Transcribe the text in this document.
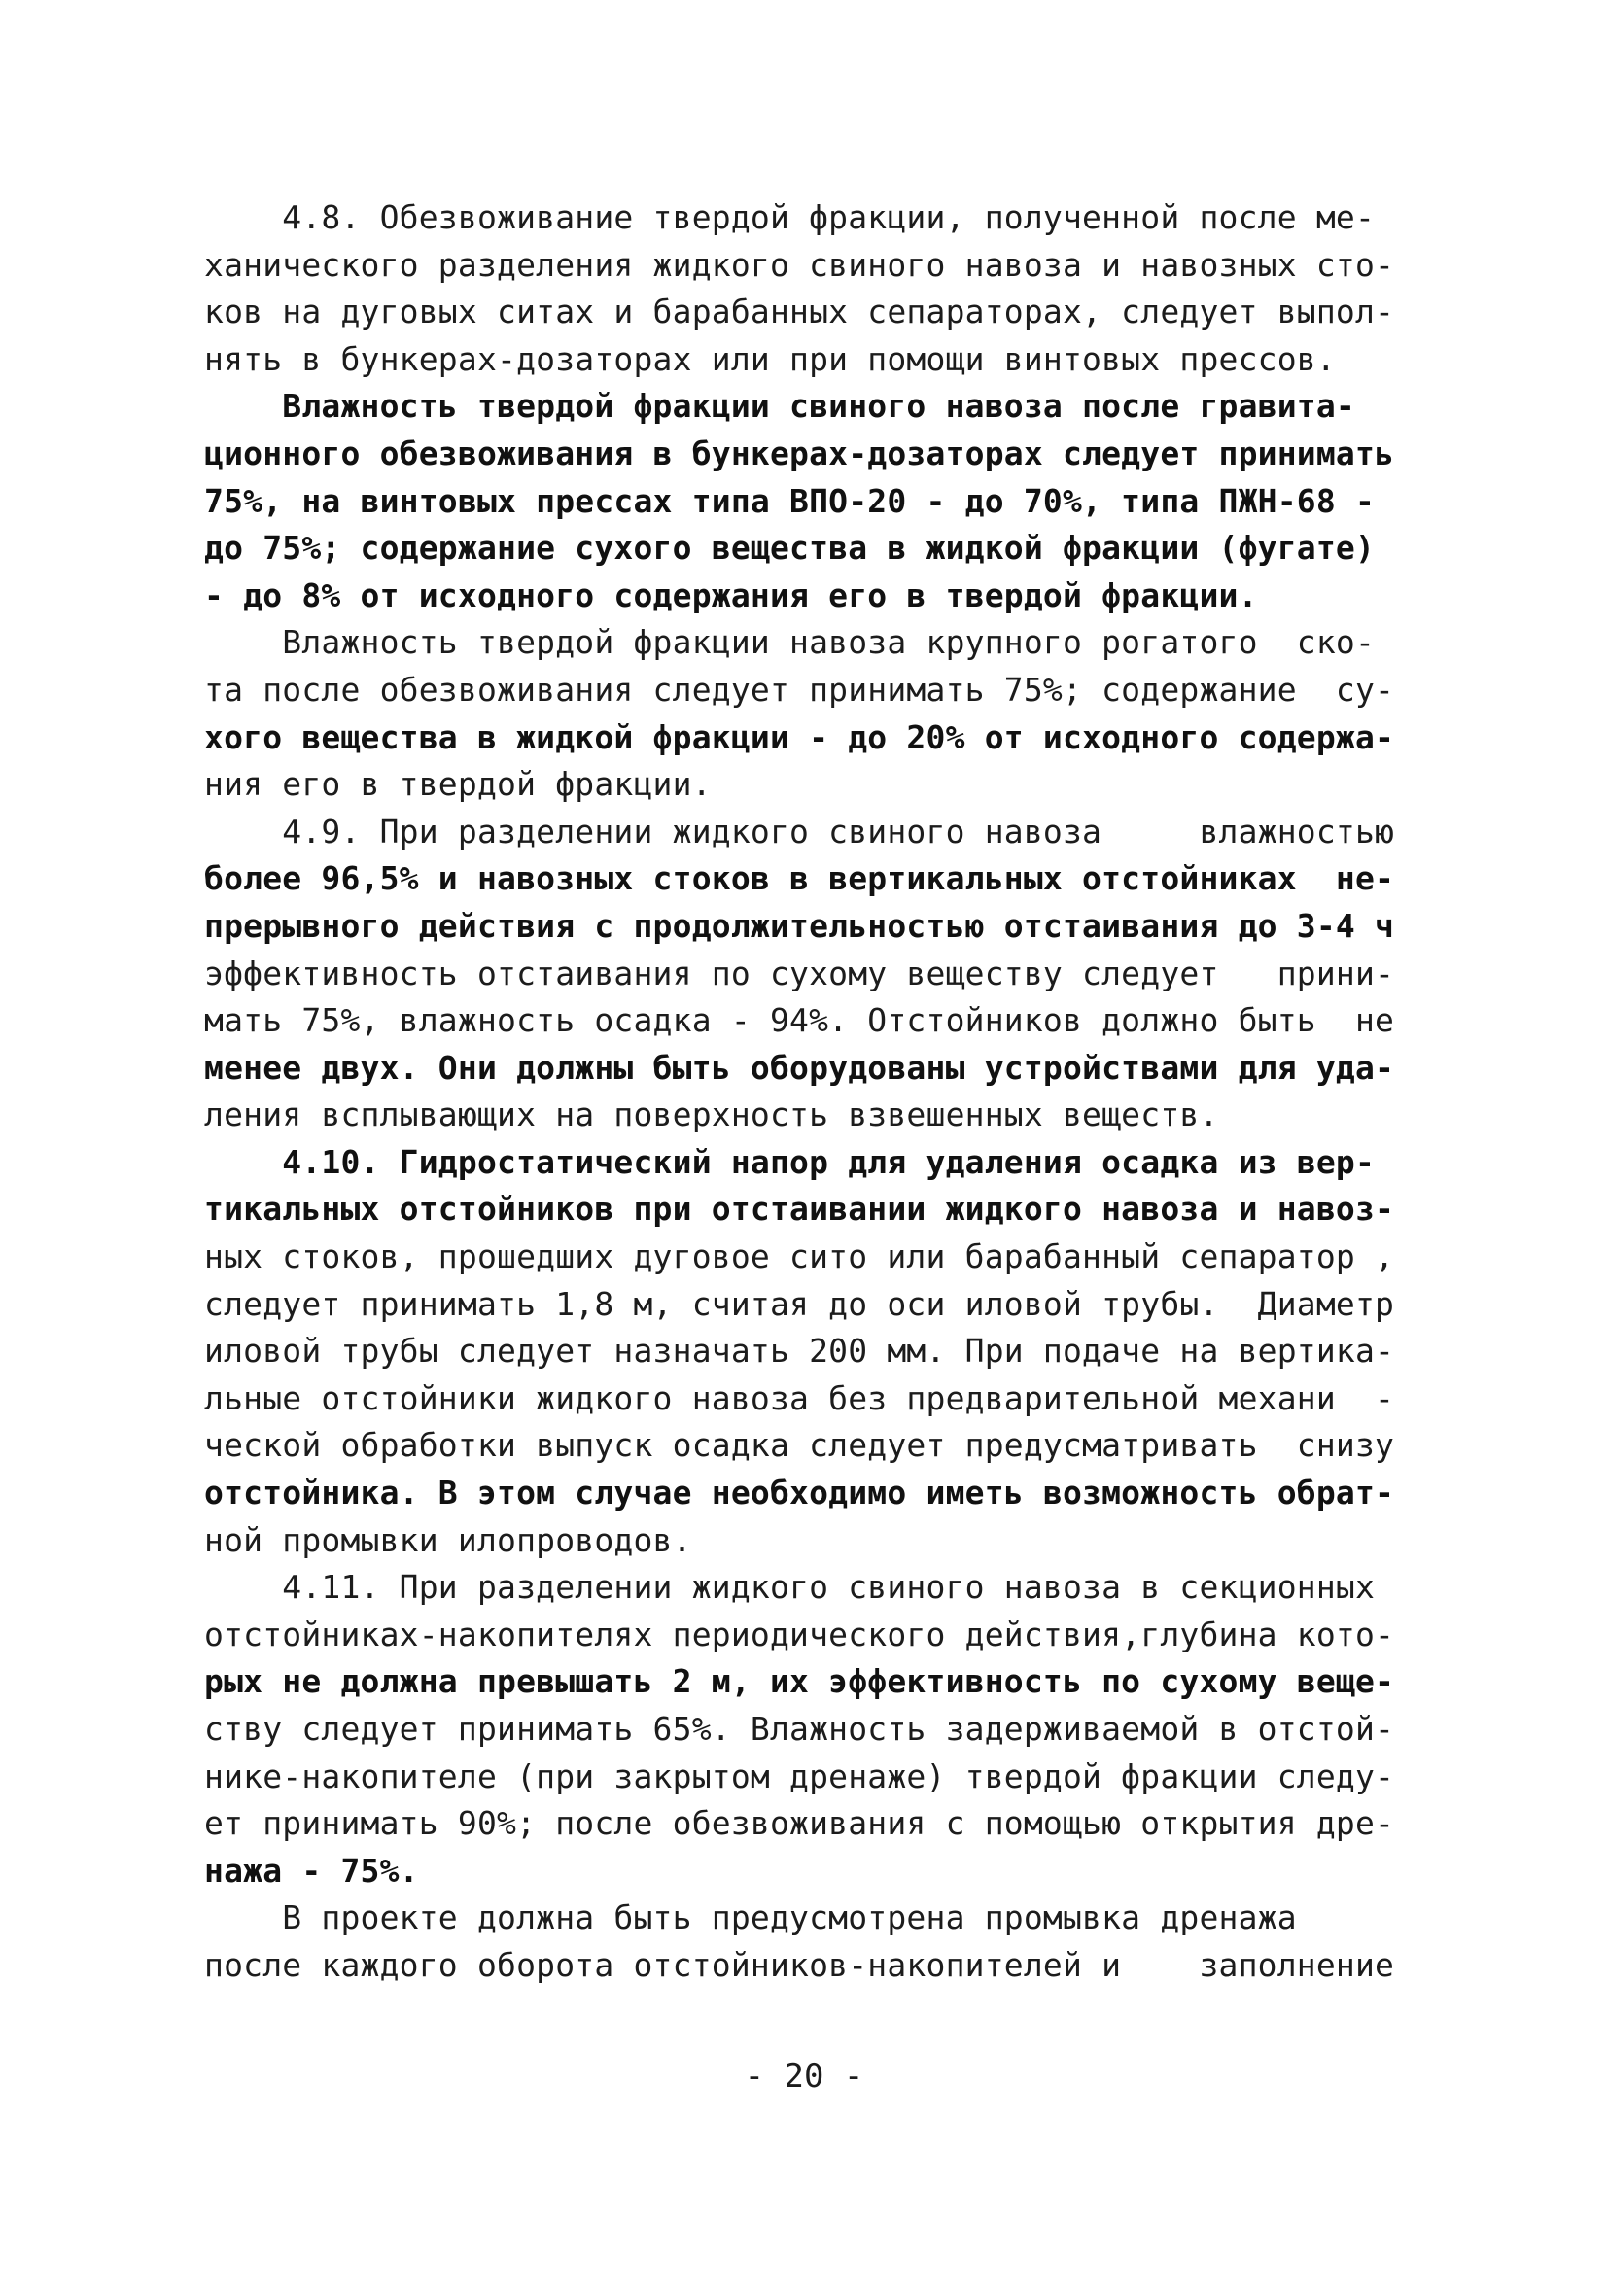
4.8. Обезвоживание твердой фракции, полученной после ме-
ханического разделения жидкого свиного навоза и навозных сто-
ков на дуговых ситах и барабанных сепараторах, следует выпол-
нять в бункерах-дозаторах или при помощи винтовых прессов.
Влажность твердой фракции свиного навоза после гравита-
ционного обезвоживания в бункерах-дозаторах следует принимать
75%, на винтовых прессах типа ВПО-20 - до 70%, типа ПЖН-68 -
до 75%; содержание сухого вещества в жидкой фракции (фугате)
- до 8% от исходного содержания его в твердой фракции.
Влажность твердой фракции навоза крупного рогатого  ско-
та после обезвоживания следует принимать 75%; содержание  су-
хого вещества в жидкой фракции - до 20% от исходного содержа-
ния его в твердой фракции.
4.9. При разделении жидкого свиного навоза     влажностью
более 96,5% и навозных стоков в вертикальных отстойниках  не-
прерывного действия с продолжительностью отстаивания до 3-4 ч
эффективность отстаивания по сухому веществу следует   прини-
мать 75%, влажность осадка - 94%. Отстойников должно быть  не
менее двух. Они должны быть оборудованы устройствами для уда-
ления всплывающих на поверхность взвешенных веществ.
4.10. Гидростатический напор для удаления осадка из вер-
тикальных отстойников при отстаивании жидкого навоза и навоз-
ных стоков, прошедших дуговое сито или барабанный сепаратор ,
следует принимать 1,8 м, считая до оси иловой трубы.  Диаметр
иловой трубы следует назначать 200 мм. При подаче на вертика-
льные отстойники жидкого навоза без предварительной механи  -
ческой обработки выпуск осадка следует предусматривать  снизу
отстойника. В этом случае необходимо иметь возможность обрат-
ной промывки илопроводов.
4.11. При разделении жидкого свиного навоза в секционных
отстойниках-накопителях периодического действия,глубина кото-
рых не должна превышать 2 м, их эффективность по сухому веще-
ству следует принимать 65%. Влажность задерживаемой в отстой-
нике-накопителе (при закрытом дренаже) твердой фракции следу-
ет принимать 90%; после обезвоживания с помощью открытия дре-
нажа - 75%.
В проекте должна быть предусмотрена промывка дренажа
после каждого оборота отстойников-накопителей и    заполнение
- 20 -
